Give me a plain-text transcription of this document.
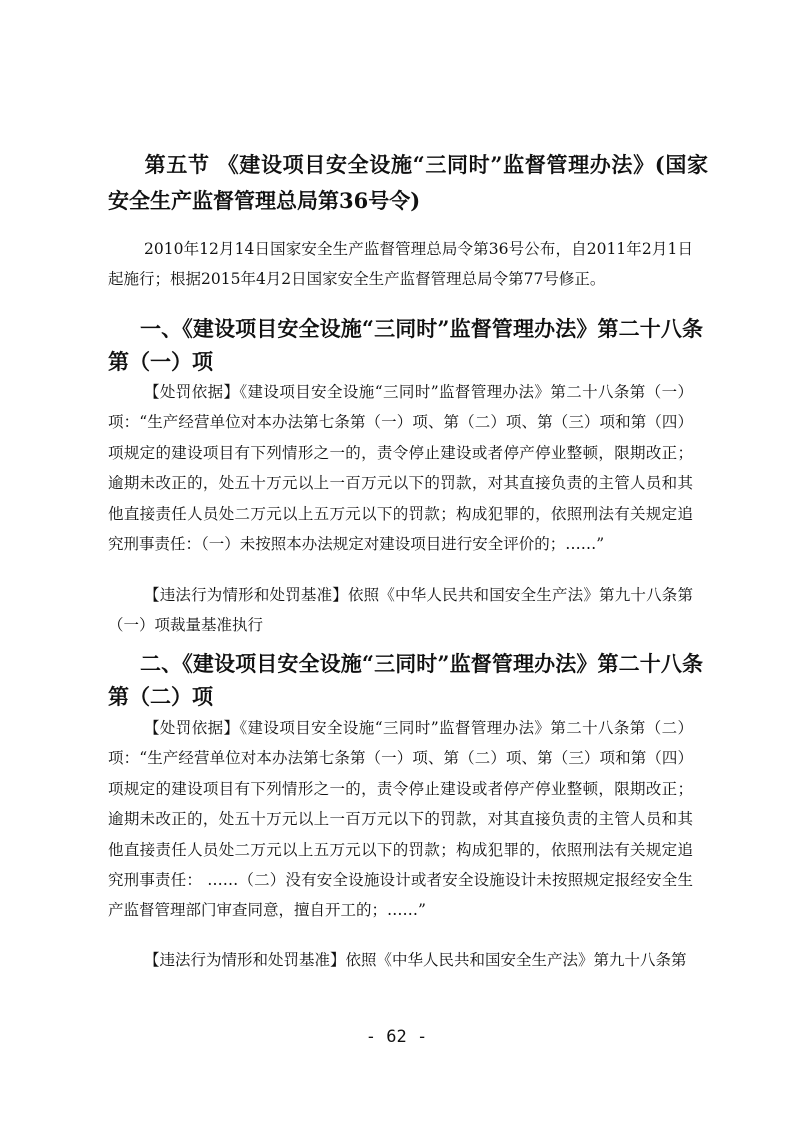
第五节 《建设项目安全设施“三同时”监督管理办法》(国家安全生产监督管理总局第36号令)
2010年12月14日国家安全生产监督管理总局令第36号公布，自2011年2月1日起施行；根据2015年4月2日国家安全生产监督管理总局令第77号修正。
一、《建设项目安全设施“三同时”监督管理办法》第二十八条第（一）项
【处罚依据】《建设项目安全设施“三同时”监督管理办法》第二十八条第（一）项：“生产经营单位对本办法第七条第（一）项、第（二）项、第（三）项和第（四）项规定的建设项目有下列情形之一的，责令停止建设或者停产停业整顿，限期改正；逾期未改正的，处五十万元以上一百万元以下的罚款，对其直接负责的主管人员和其他直接责任人员处二万元以上五万元以下的罚款；构成犯罪的，依照刑法有关规定追究刑事责任：（一）未按照本办法规定对建设项目进行安全评价的；……”
【违法行为情形和处罚基准】依照《中华人民共和国安全生产法》第九十八条第（一）项裁量基准执行
二、《建设项目安全设施“三同时”监督管理办法》第二十八条第（二）项
【处罚依据】《建设项目安全设施“三同时”监督管理办法》第二十八条第（二）项：“生产经营单位对本办法第七条第（一）项、第（二）项、第（三）项和第（四）项规定的建设项目有下列情形之一的，责令停止建设或者停产停业整顿，限期改正；逾期未改正的，处五十万元以上一百万元以下的罚款，对其直接负责的主管人员和其他直接责任人员处二万元以上五万元以下的罚款；构成犯罪的，依照刑法有关规定追究刑事责任： ……（二）没有安全设施设计或者安全设施设计未按照规定报经安全生产监督管理部门审查同意，擅自开工的；……”
【违法行为情形和处罚基准】依照《中华人民共和国安全生产法》第九十八条第
- 62 -
